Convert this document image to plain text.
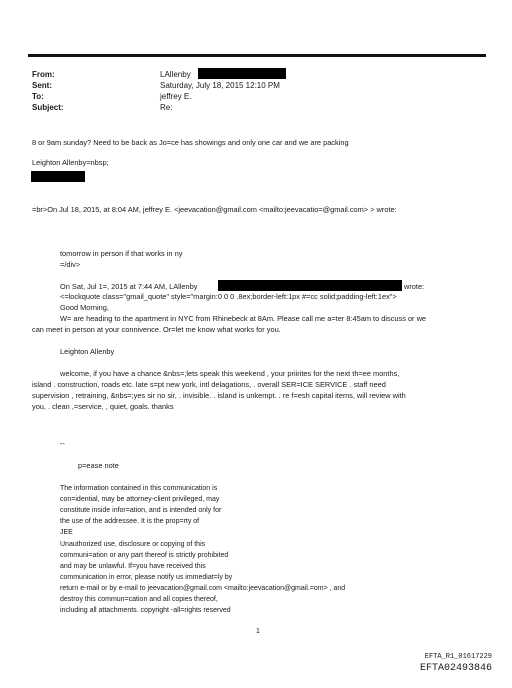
From:
Sent:
To:
Subject:
LAllenby
Saturday, July 18, 2015 12:10 PM
jeffrey E.
Re:
8 or 9am sunday? Need to be back as Jo=ce has showings and only one car and we are packing
Leighton Allenby=nbsp;
=br>On Jul 18, 2015, at 8:04 AM, jeffrey E. <jeevacation@gmail.com <mailto:jeevacatio=@gmail.com> > wrote:
tomorrow in person if that works in ny
=/div>
On Sat, Jul 1=, 2015 at 7:44 AM, LAllenby	wrote:
<=lockquote class="gmail_quote" style="margin:0 0 0 .8ex;border-left:1px #=cc solid;padding-left:1ex">
Good Morning,
W= are heading to the apartment in NYC from Rhinebeck at 8Am. Please call me a=ter 8:45am to discuss or we
can meet in person at your connivence. Or=let me know what works for you.
Leighton Allenby
welcome, if you have a chance &nbs=;lets speak this weekend , your priirites for the next th=ee months,
island . construction, roads etc. late s=pt new york, intl delagations, . overall SER=ICE SERVICE . staff need
supervision , retraining, &nbs=;yes sir no sir, . invisible. . island is unkempt. . re f=esh capital items, will review with
you, . clean ,=service, , quiet, goals. thanks
--
p=ease note
The information contained in this communication is
con=idential, may be attorney-client privileged, may
constitute inside infor=ation, and is intended only for
the use of the addressee. It is the prop=rty of
JEE
Unauthorized use, disclosure or copying of this
communi=ation or any part thereof is strictly prohibited
and may be unlawful. If=you have received this
communication in error, please notify us immediat=ly by
return e-mail or by e-mail to jeevacation@gmail.com <mailto:jeevacation@gmail.=om> , and
destroy this commun=cation and all copies thereof,
including all attachments. copyright -all=rights reserved
1
EFTA_R1_01617229
EFTA02493846
